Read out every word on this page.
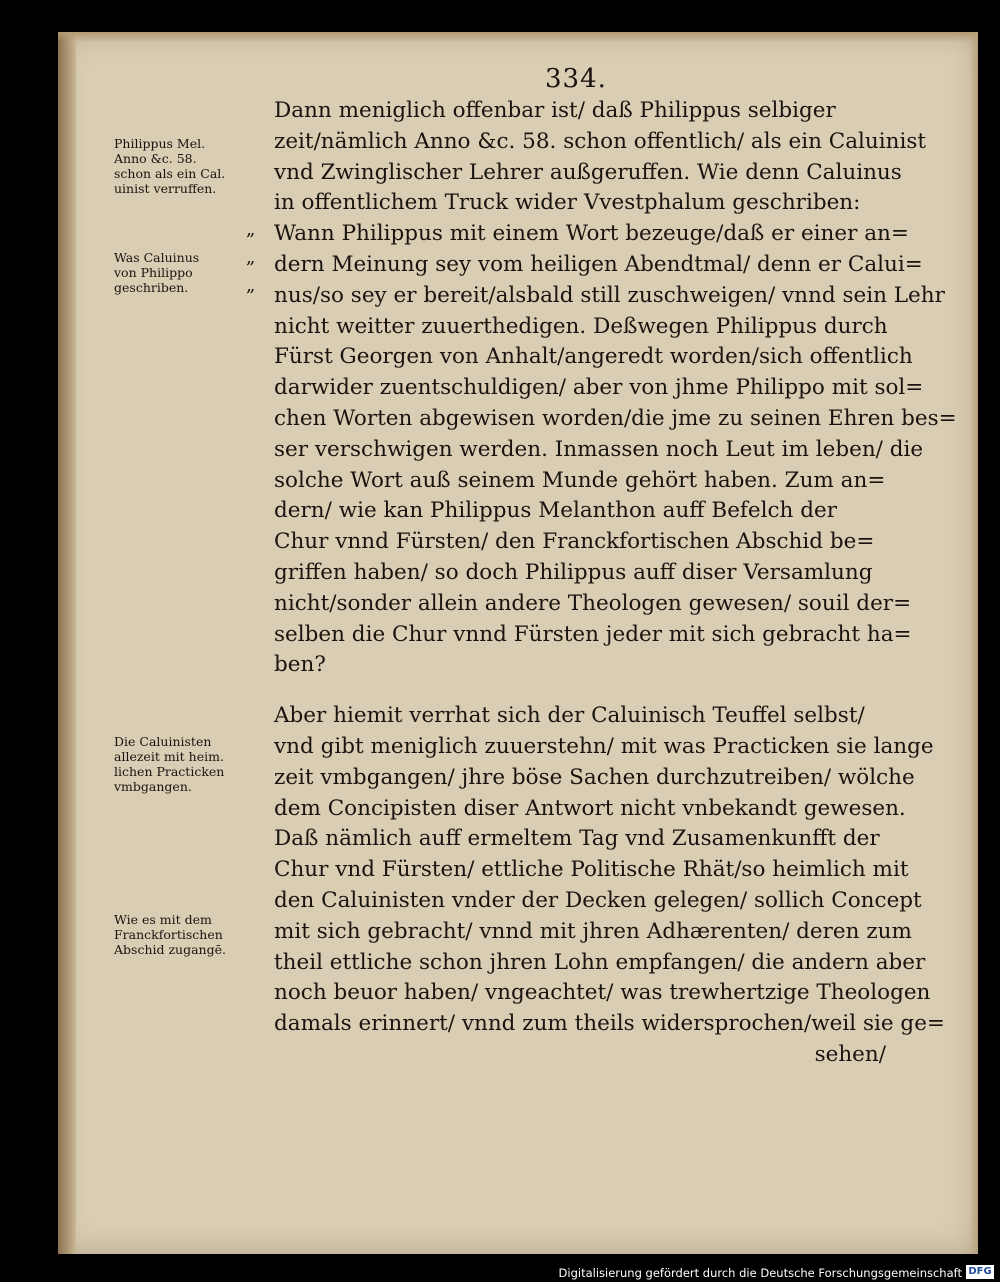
334.
Philippus Mel.
Anno &c. 58.
schon als ein Cal.
uinist verruffen.
Was Caluinus
von Philippo
geschriben.
Die Caluinisten
allezeit mit heim.
lichen Practicken
vmbgangen.
Wie es mit dem
Franckfortischen
Abschid zugangē.
„
„
„
Dann meniglich offenbar ist/ daß Philippus selbiger
zeit/nämlich Anno &c. 58. schon offentlich/ als ein Caluinist
vnd Zwinglischer Lehrer außgeruffen. Wie denn Caluinus
in offentlichem Truck wider Vvestphalum geschriben:
Wann Philippus mit einem Wort bezeuge/daß er einer an=
dern Meinung sey vom heiligen Abendtmal/ denn er Calui=
nus/so sey er bereit/alsbald still zuschweigen/ vnnd sein Lehr
nicht weitter zuuerthedigen. Deßwegen Philippus durch
Fürst Georgen von Anhalt/angeredt worden/sich offentlich
darwider zuentschuldigen/ aber von jhme Philippo mit sol=
chen Worten abgewisen worden/die jme zu seinen Ehren bes=
ser verschwigen werden. Inmassen noch Leut im leben/ die
solche Wort auß seinem Munde gehört haben. Zum an=
dern/ wie kan Philippus Melanthon auff Befelch der
Chur vnnd Fürsten/ den Franckfortischen Abschid be=
griffen haben/ so doch Philippus auff diser Versamlung
nicht/sonder allein andere Theologen gewesen/ souil der=
selben die Chur vnnd Fürsten jeder mit sich gebracht ha=
ben?
Aber hiemit verrhat sich der Caluinisch Teuffel selbst/
vnd gibt meniglich zuuerstehn/ mit was Practicken sie lange
zeit vmbgangen/ jhre böse Sachen durchzutreiben/ wölche
dem Concipisten diser Antwort nicht vnbekandt gewesen.
Daß nämlich auff ermeltem Tag vnd Zusamenkunfft der
Chur vnd Fürsten/ ettliche Politische Rhät/so heimlich mit
den Caluinisten vnder der Decken gelegen/ sollich Concept
mit sich gebracht/ vnnd mit jhren Adhærenten/ deren zum
theil ettliche schon jhren Lohn empfangen/ die andern aber
noch beuor haben/ vngeachtet/ was trewhertzige Theologen
damals erinnert/ vnnd zum theils widersprochen/weil sie ge=
sehen/
Digitalisierung gefördert durch die Deutsche Forschungsgemeinschaft DFG
